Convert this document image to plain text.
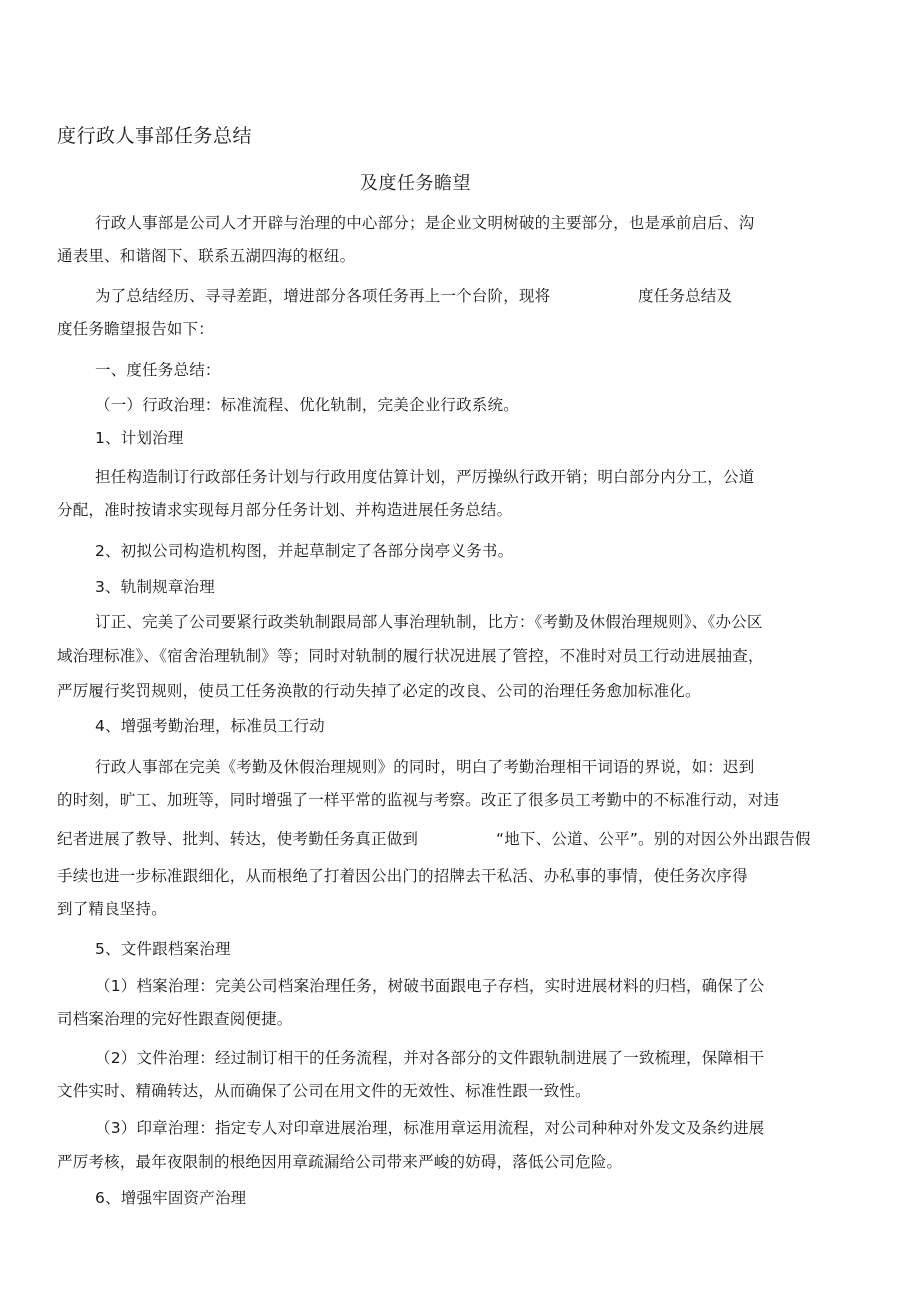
度行政人事部任务总结
及度任务瞻望
行政人事部是公司人才开辟与治理的中心部分；是企业文明树破的主要部分，也是承前启后、沟
通表里、和谐阁下、联系五湖四海的枢纽。
为了总结经历、寻寻差距，增进部分各项任务再上一个台阶，现将	度任务总结及
度任务瞻望报告如下：
一、度任务总结：
（一）行政治理：标准流程、优化轨制，完美企业行政系统。
1、计划治理
担任构造制订行政部任务计划与行政用度估算计划，严厉操纵行政开销；明白部分内分工，公道
分配，准时按请求实现每月部分任务计划、并构造进展任务总结。
2、初拟公司构造机构图，并起草制定了各部分岗亭义务书。
3、轨制规章治理
订正、完美了公司要紧行政类轨制跟局部人事治理轨制，比方：《考勤及休假治理规则》、《办公区
域治理标准》、《宿舍治理轨制》等；同时对轨制的履行状况进展了管控，不准时对员工行动进展抽查，
严厉履行奖罚规则，使员工任务涣散的行动失掉了必定的改良、公司的治理任务愈加标准化。
4、增强考勤治理，标准员工行动
行政人事部在完美《考勤及休假治理规则》的同时，明白了考勤治理相干词语的界说，如：迟到
的时刻，旷工、加班等，同时增强了一样平常的监视与考察。改正了很多员工考勤中的不标准行动，对违
纪者进展了教导、批判、转达，使考勤任务真正做到	“地下、公道、公平”。别的对因公外出跟告假
手续也进一步标准跟细化，从而根绝了打着因公出门的招牌去干私活、办私事的事情，使任务次序得
到了精良坚持。
5、文件跟档案治理
（1）档案治理：完美公司档案治理任务，树破书面跟电子存档，实时进展材料的归档，确保了公
司档案治理的完好性跟查阅便捷。
（2）文件治理：经过制订相干的任务流程，并对各部分的文件跟轨制进展了一致梳理，保障相干
文件实时、精确转达，从而确保了公司在用文件的无效性、标准性跟一致性。
（3）印章治理：指定专人对印章进展治理，标准用章运用流程，对公司种种对外发文及条约进展
严厉考核，最年夜限制的根绝因用章疏漏给公司带来严峻的妨碍，落低公司危险。
6、增强牢固资产治理
